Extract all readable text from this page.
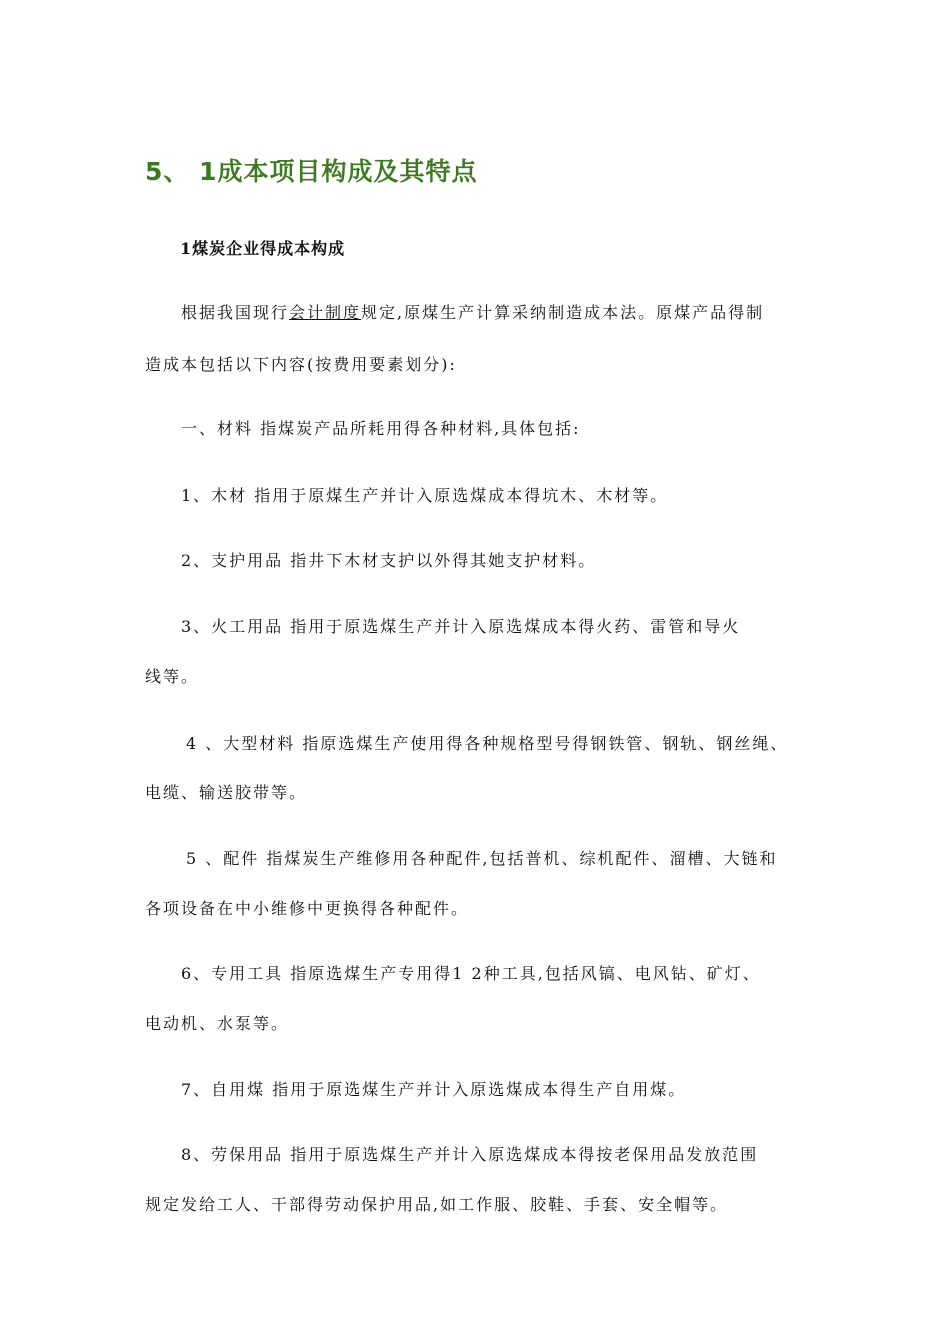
5、 1成本项目构成及其特点
1煤炭企业得成本构成
根据我国现行会计制度规定,原煤生产计算采纳制造成本法。原煤产品得制
造成本包括以下内容(按费用要素划分):
一、材料 指煤炭产品所耗用得各种材料,具体包括:
1、木材 指用于原煤生产并计入原选煤成本得坑木、木材等。
2、支护用品 指井下木材支护以外得其她支护材料。
3、火工用品 指用于原选煤生产并计入原选煤成本得火药、雷管和导火
线等。
4 、大型材料 指原选煤生产使用得各种规格型号得钢铁管、钢轨、钢丝绳、
电缆、输送胶带等。
5 、配件 指煤炭生产维修用各种配件,包括普机、综机配件、溜槽、大链和
各项设备在中小维修中更换得各种配件。
6、专用工具 指原选煤生产专用得1 2种工具,包括风镐、电风钻、矿灯、
电动机、水泵等。
7、自用煤 指用于原选煤生产并计入原选煤成本得生产自用煤。
8、劳保用品 指用于原选煤生产并计入原选煤成本得按老保用品发放范围
规定发给工人、干部得劳动保护用品,如工作服、胶鞋、手套、安全帽等。
